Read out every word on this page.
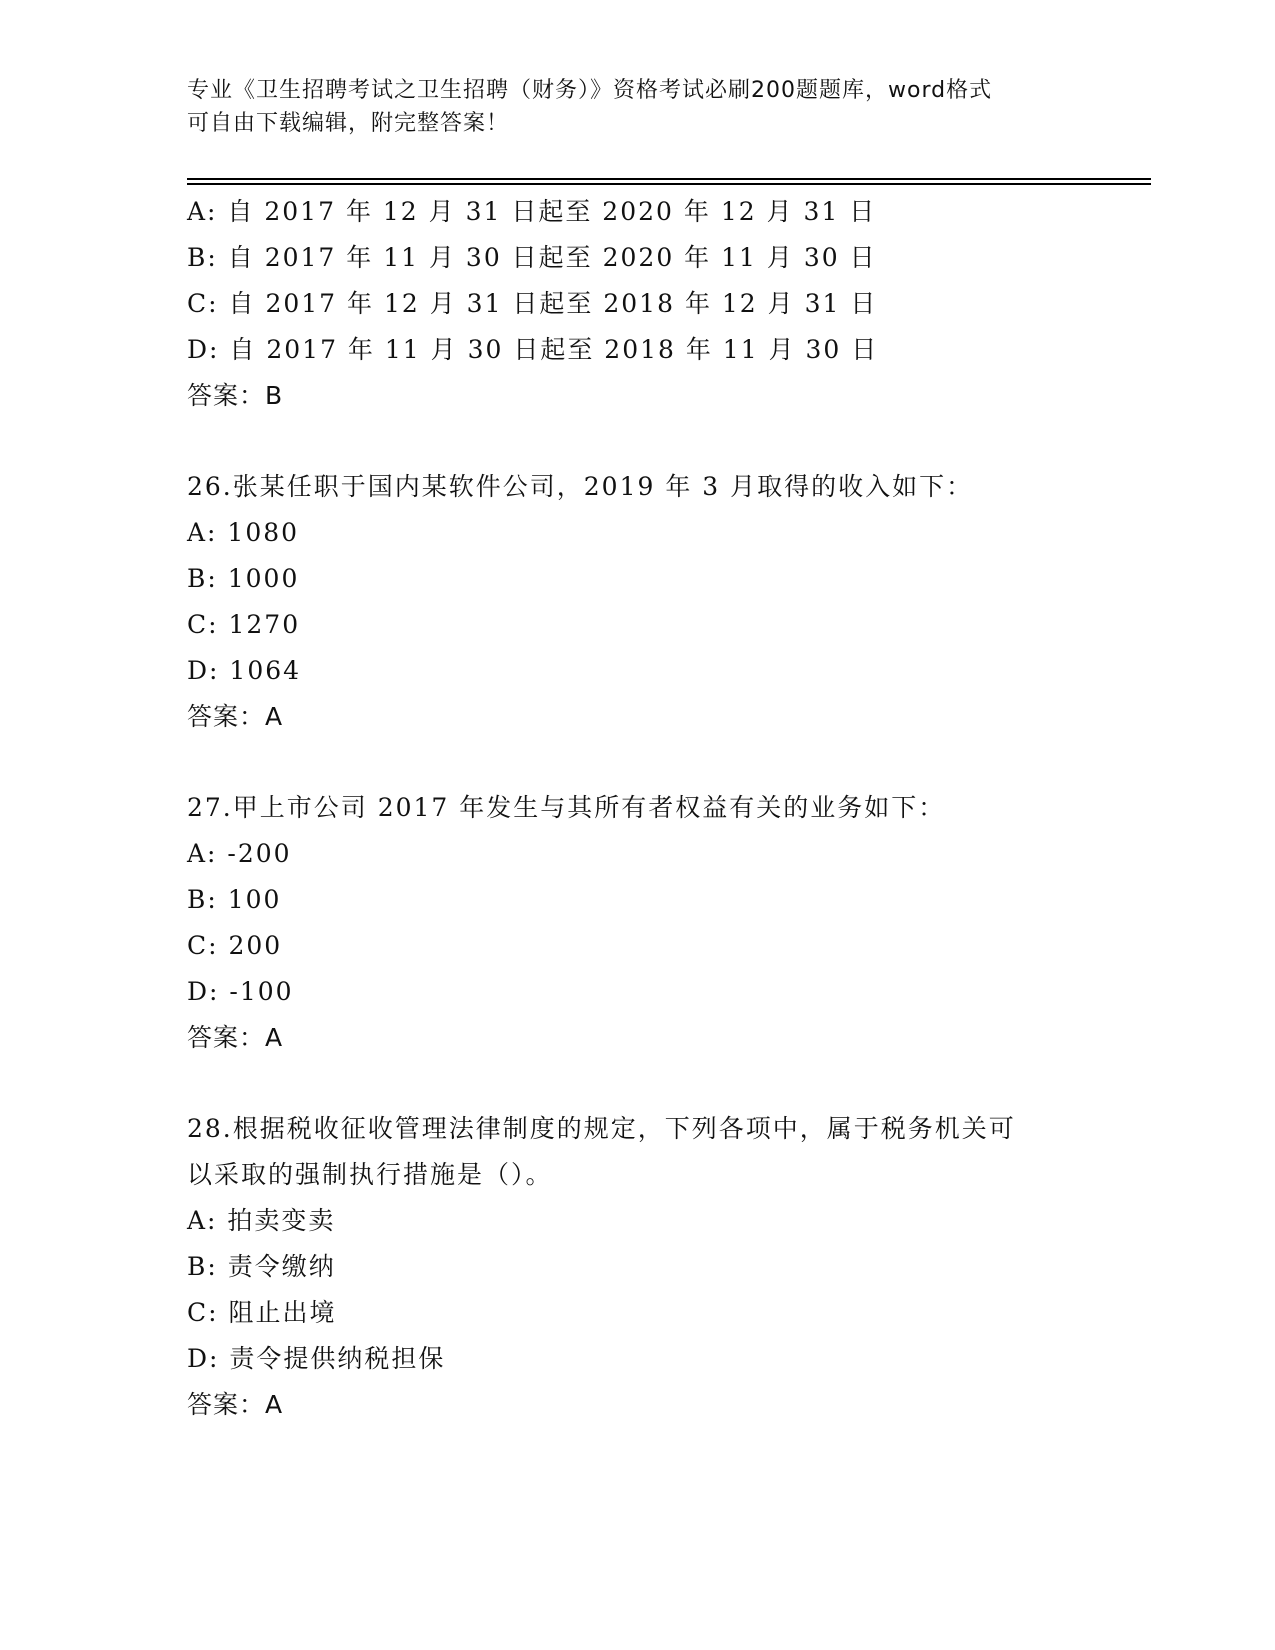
专业《卫生招聘考试之卫生招聘（财务）》资格考试必刷200题题库，word格式
可自由下载编辑，附完整答案！
A: 自 2017 年 12 月 31 日起至 2020 年 12 月 31 日
B: 自 2017 年 11 月 30 日起至 2020 年 11 月 30 日
C: 自 2017 年 12 月 31 日起至 2018 年 12 月 31 日
D: 自 2017 年 11 月 30 日起至 2018 年 11 月 30 日
答案：B
26.张某任职于国内某软件公司，2019 年 3 月取得的收入如下：
A: 1080
B: 1000
C: 1270
D: 1064
答案：A
27.甲上市公司 2017 年发生与其所有者权益有关的业务如下：
A: -200
B: 100
C: 200
D: -100
答案：A
28.根据税收征收管理法律制度的规定，下列各项中，属于税务机关可
以采取的强制执行措施是（）。
A: 拍卖变卖
B: 责令缴纳
C: 阻止出境
D: 责令提供纳税担保
答案：A
